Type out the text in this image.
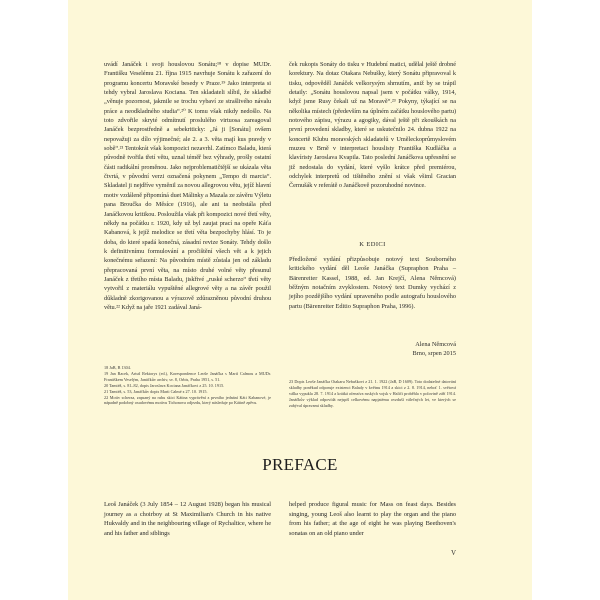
uvádí Janáček i svoji houslovou Sonátu;¹⁸ v dopise MUDr. Františku Veselému 21. října 1915 navrhuje Sonátu k zařazení do programu koncertu Moravské besedy v Praze.¹⁹ Jako interpreta si tehdy vybral Jaroslava Kociana. Ten skladateli slíbil, že skladbě „věnuje pozornost, jakmile se trochu vybaví ze strašlivého návalu práce a neodkladného studia“.²⁰ K tomu však nikdy nedošlo. Na toto zdvořile skryté odmítnutí proslulého virtuosa zareagoval Janáček bezprostředně a sebekriticky: „Já ji [Sonátu] ovšem nepovažuji za dílo výjimečné; ale 2. a 3. věta mají kus pravdy v sobě“.²¹ Tentokrát však kompozici nezavrhl. Zatímco Baladu, která původně tvořila třetí větu, uznal téměř bez výhrady, prošly ostatní části radikální proměnou. Jako nejproblematičtější se ukázala věta čtvrtá, v původní verzi označená pokynem „Tempo di marcia“. Skladatel ji nejdříve vyměnil za novou allegrovou větu, jejíž hlavní motiv vzdáleně připomíná duet Málinky a Mazala ze závěru Výletu pana Broučka do Měsíce (1916), ale ani ta neobstála před Janáčkovou kritikou. Posloužila však při kompozici nové třetí věty, někdy na počátku r. 1920, kdy už byl zaujat prací na opeře Káťa Kabanová, k jejíž melodice se třetí věta bezpochyby hlásí. To je doba, do které spadá konečná, zásadní revize Sonáty. Tehdy došlo k definitivnímu formulování a pročištění všech vět a k jejich konečnému seřazení: Na původním místě zůstala jen od základu přepracovaná první věta, na místo druhé volné věty přesunul Janáček z třetího místa Baladu, jiskřivé „ruské scherzo“ třetí věty vytvořil z materiálu vypuštěné allegrové věty a na závěr použil důkladně zkorigovanou a výrazově zdůrazněnou původní druhou větu.²² Když na jaře 1921 zadával Janá-

ček rukopis Sonáty do tisku v Hudební matici, udělal ještě drobné korektury. Na dotaz Otakara Nebušky, který Sonátu připravoval k tisku, odpověděl Janáček velkorysým shrnutím, aniž by se trápil detaily: „Sonátu houslovou napsal jsem v počátku války, 1914, když jsme Rusy čekali už na Moravě“.²³ Pokyny, týkající se na několika místech (především na úplném začátku houslového partu) notového zápisu, výrazu a agogiky, dával ještě při zkouškách na první provedení skladby, které se uskutečnilo 24. dubna 1922 na koncertě Klubu moravských skladatelů v Uměleckoprůmyslovém muzeu v Brně v interpretaci houslisty Františka Kudláčka a klavíristy Jaroslava Kvapila. Tato poslední Janáčkova upřesnění se již nedostala do vydání, které vyšlo krátce před premiérou, odchylek interpretů od tištěného znění si však všiml Gracian Černušák v referátě o Janáčkově pozoruhodné novince.

K EDICI

Předložené vydání přizpůsobuje notový text Souborného kritického vydání děl Leoše Janáčka (Supraphon Praha – Bärenreiter Kassel, 1988, ed. Jan Krejčí, Alena Němcová) běžným notačním zvyklostem. Notový text Dumky vychází z jejího pozdějšího vydání upraveného podle autografu houslového partu (Bärenreiter Editio Supraphon Praha, 1996).

Alena Němcová
Brno, srpen 2015

18 JaB, B 1304.

19 Jan Racek, Artuš Rektorys (ed.), Korespondence Leoše Janáčka s Marií Calmou a MUDr. Františkem Veselým, Janáčkův archiv, sv. 8, Orbis, Praha 1951, s. 51.

20 Tamtéž, s. 81–82, dopis Jaroslava Kociana Janáčkovi z 25. 10. 1915.

21 Tamtéž, s. 53, Janáčkův dopis Marii Calmé z 27. 10. 1915.

22 Motiv scherza, zapsaný na rubu skici Kátina vyprávění z prvního jednání Káti Kabanové, je nápadně podobný oxadovému motivu Tichonova odjezdu, který následuje po Kátině zpěvu.

23 Dopis Leoše Janáčka Otakaru Nebuškovi z 21. 1. 1922 (JaB, D 1609). Toto dodatečné datování skladby poněkud odporuje existenci Balady v květnu 1914 a skici z 2. 8. 1914, neboť 1. světová válka vypukla 28. 7. 1914 a krátká ofenzíva ruských vojsk v Haliči proběhla v polovině září 1914. Janáčkův výklad odpovídá nejspíš celkovému napjatému ovzduší válečných let, ve kterých se zabýval úpravami skladby.

PREFACE

Leoš Janáček (3 July 1854 – 12 August 1928) began his musical journey as a choirboy at St Maximilian's Church in his native Hukvaldy and in the neighbouring village of Rychaltice, where he and his father and siblings

helped produce figural music for Mass on feast days. Besides singing, young Leoš also learnt to play the organ and the piano from his father; at the age of eight he was playing Beethoven's sonatas on an old piano under

V
